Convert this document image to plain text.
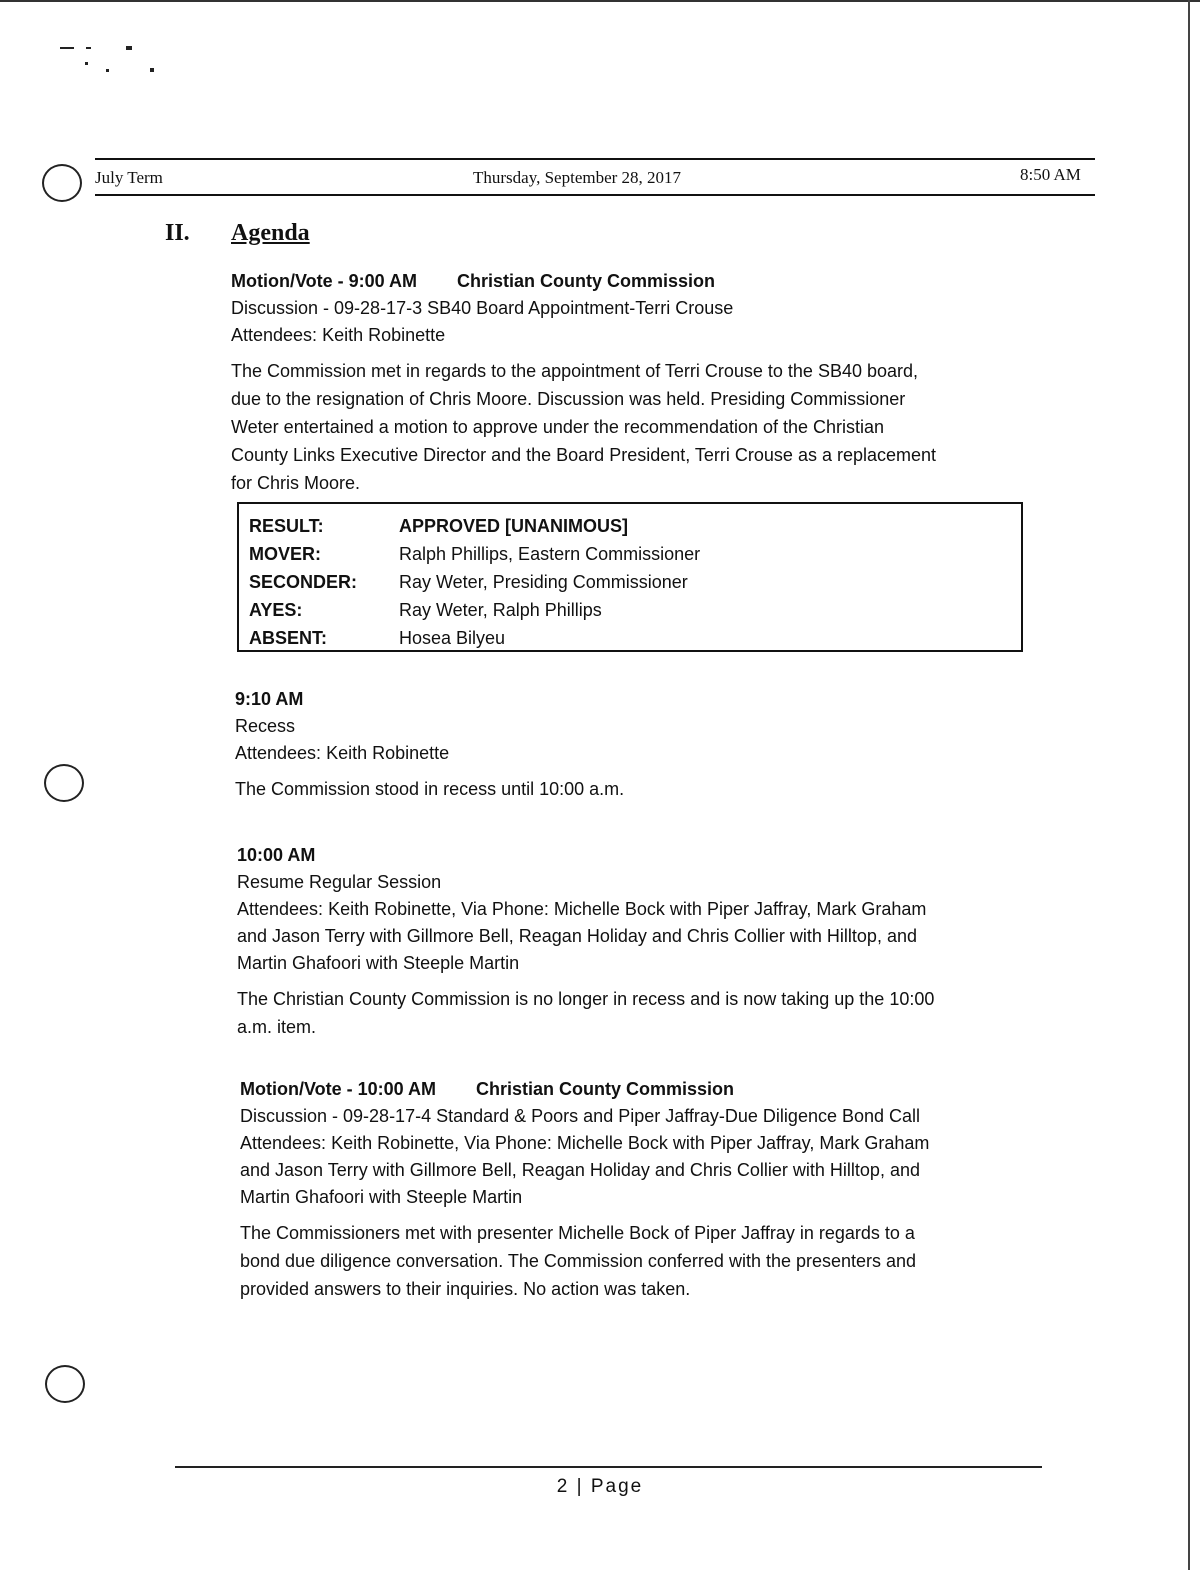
July Term	Thursday, September 28, 2017	8:50 AM
II. Agenda
Motion/Vote - 9:00 AM Christian County Commission
Discussion - 09-28-17-3 SB40 Board Appointment-Terri Crouse
Attendees: Keith Robinette
The Commission met in regards to the appointment of Terri Crouse to the SB40 board,
due to the resignation of Chris Moore. Discussion was held. Presiding Commissioner
Weter entertained a motion to approve under the recommendation of the Christian
County Links Executive Director and the Board President, Terri Crouse as a replacement
for Chris Moore.
RESULT:	APPROVED [UNANIMOUS]
MOVER:	Ralph Phillips, Eastern Commissioner
SECONDER:	Ray Weter, Presiding Commissioner
AYES:	Ray Weter, Ralph Phillips
ABSENT:	Hosea Bilyeu
9:10 AM
Recess
Attendees: Keith Robinette
The Commission stood in recess until 10:00 a.m.
10:00 AM
Resume Regular Session
Attendees: Keith Robinette, Via Phone: Michelle Bock with Piper Jaffray, Mark Graham
and Jason Terry with Gillmore Bell, Reagan Holiday and Chris Collier with Hilltop, and
Martin Ghafoori with Steeple Martin
The Christian County Commission is no longer in recess and is now taking up the 10:00
a.m. item.
Motion/Vote - 10:00 AM Christian County Commission
Discussion - 09-28-17-4 Standard & Poors and Piper Jaffray-Due Diligence Bond Call
Attendees: Keith Robinette, Via Phone: Michelle Bock with Piper Jaffray, Mark Graham
and Jason Terry with Gillmore Bell, Reagan Holiday and Chris Collier with Hilltop, and
Martin Ghafoori with Steeple Martin
The Commissioners met with presenter Michelle Bock of Piper Jaffray in regards to a
bond due diligence conversation. The Commission conferred with the presenters and
provided answers to their inquiries. No action was taken.
2 | Page
